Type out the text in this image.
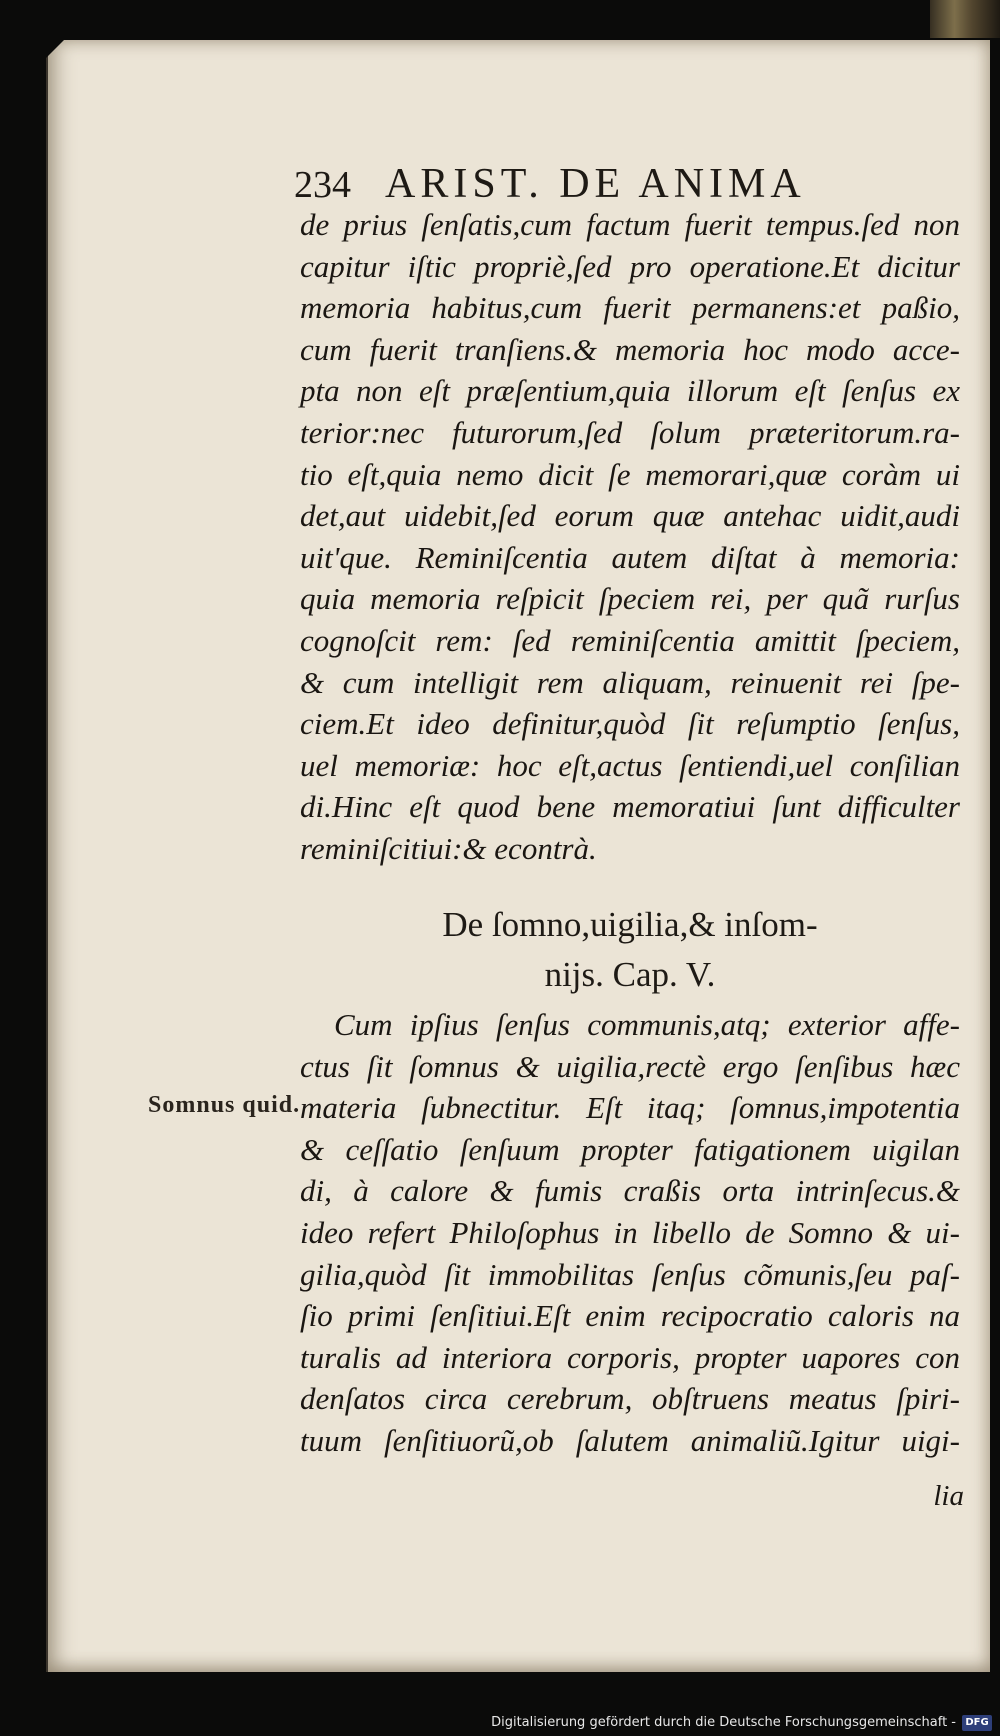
234 ARIST. DE ANIMA
de prius ſenſatis,cum factum fuerit tempus.ſed non
capitur iſtic propriè,ſed pro operatione.Et dicitur
memoria habitus,cum fuerit permanens:et paßio,
cum fuerit tranſiens.& memoria hoc modo acce-
pta non eſt præſentium,quia illorum eſt ſenſus ex
terior:nec futurorum,ſed ſolum præteritorum.ra-
tio eſt,quia nemo dicit ſe memorari,quæ coràm ui
det,aut uidebit,ſed eorum quæ antehac uidit,audi
uit'que. Reminiſcentia autem diſtat à memoria:
quia memoria reſpicit ſpeciem rei, per quã rurſus
cognoſcit rem: ſed reminiſcentia amittit ſpeciem,
& cum intelligit rem aliquam, reinuenit rei ſpe-
ciem.Et ideo definitur,quòd ſit reſumptio ſenſus,
uel memoriæ: hoc eſt,actus ſentiendi,uel conſilian
di.Hinc eſt quod bene memoratiui ſunt difficulter
reminiſcitiui:& econtrà.
De ſomno,uigilia,& inſom-
nijs. Cap. V.
Somnus quid.
Cum ipſius ſenſus communis,atq; exterior affe-
ctus ſit ſomnus & uigilia,rectè ergo ſenſibus hæc
materia ſubnectitur. Eſt itaq; ſomnus,impotentia
& ceſſatio ſenſuum propter fatigationem uigilan
di, à calore & fumis craßis orta intrinſecus.&
ideo refert Philoſophus in libello de Somno & ui-
gilia,quòd ſit immobilitas ſenſus cõmunis,ſeu paſ-
ſio primi ſenſitiui.Eſt enim recipocratio caloris na
turalis ad interiora corporis, propter uapores con
denſatos circa cerebrum, obſtruens meatus ſpiri-
tuum ſenſitiuorũ,ob ſalutem animaliũ.Igitur uigi-
lia
Digitalisierung gefördert durch die Deutsche Forschungsgemeinschaft - DFG
